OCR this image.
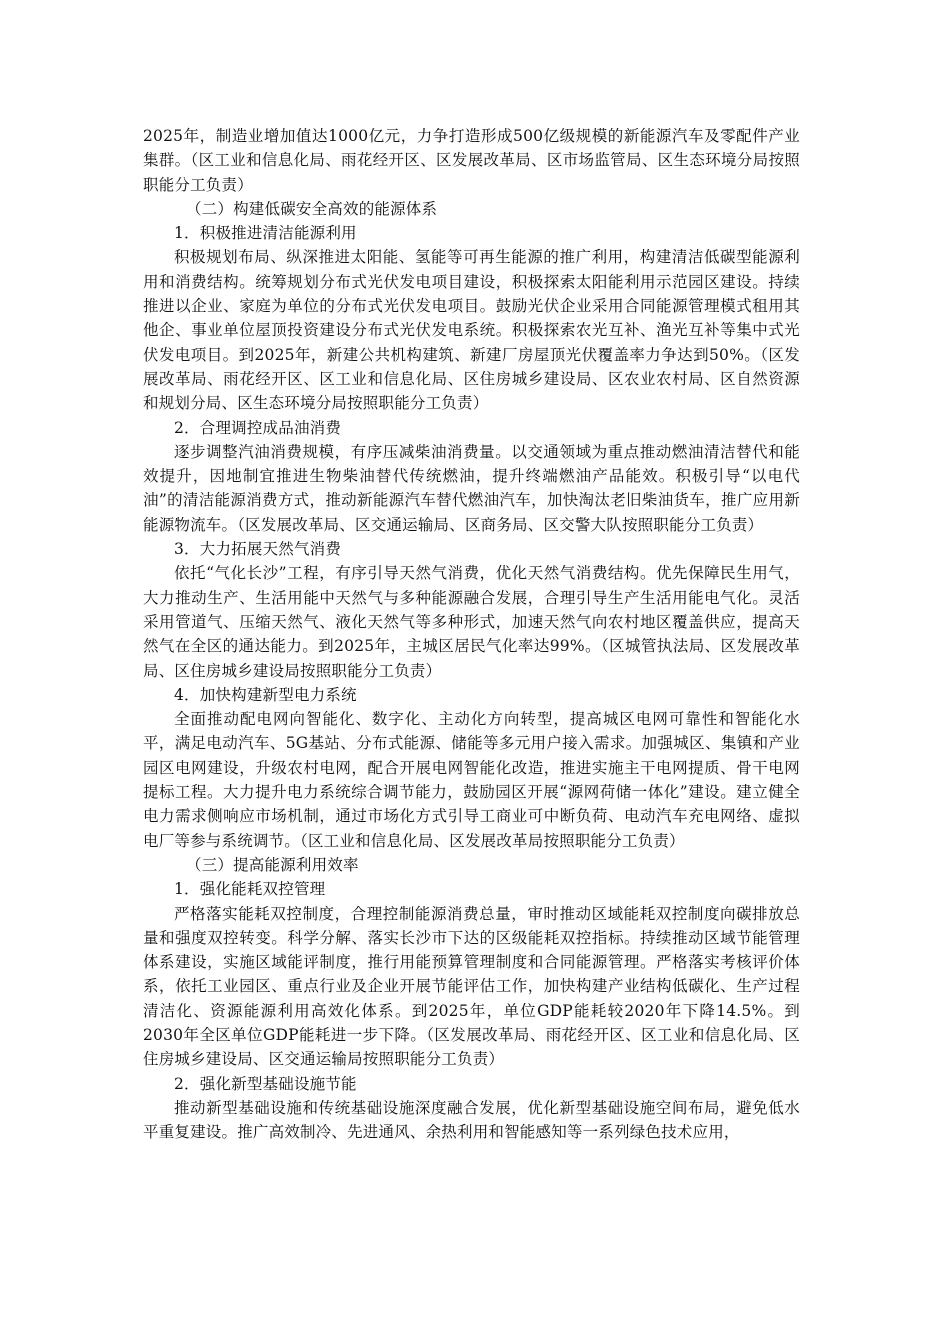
2025年，制造业增加值达1000亿元，力争打造形成500亿级规模的新能源汽车及零配件产业集群。（区工业和信息化局、雨花经开区、区发展改革局、区市场监管局、区生态环境分局按照职能分工负责）

（二）构建低碳安全高效的能源体系

1．积极推进清洁能源利用

积极规划布局、纵深推进太阳能、氢能等可再生能源的推广利用，构建清洁低碳型能源利用和消费结构。统筹规划分布式光伏发电项目建设，积极探索太阳能利用示范园区建设。持续推进以企业、家庭为单位的分布式光伏发电项目。鼓励光伏企业采用合同能源管理模式租用其他企、事业单位屋顶投资建设分布式光伏发电系统。积极探索农光互补、渔光互补等集中式光伏发电项目。到2025年，新建公共机构建筑、新建厂房屋顶光伏覆盖率力争达到50%。（区发展改革局、雨花经开区、区工业和信息化局、区住房城乡建设局、区农业农村局、区自然资源和规划分局、区生态环境分局按照职能分工负责）

2．合理调控成品油消费

逐步调整汽油消费规模，有序压减柴油消费量。以交通领域为重点推动燃油清洁替代和能效提升，因地制宜推进生物柴油替代传统燃油，提升终端燃油产品能效。积极引导“以电代油”的清洁能源消费方式，推动新能源汽车替代燃油汽车，加快淘汰老旧柴油货车，推广应用新能源物流车。（区发展改革局、区交通运输局、区商务局、区交警大队按照职能分工负责）

3．大力拓展天然气消费

依托“气化长沙”工程，有序引导天然气消费，优化天然气消费结构。优先保障民生用气，大力推动生产、生活用能中天然气与多种能源融合发展，合理引导生产生活用能电气化。灵活采用管道气、压缩天然气、液化天然气等多种形式，加速天然气向农村地区覆盖供应，提高天然气在全区的通达能力。到2025年，主城区居民气化率达99%。（区城管执法局、区发展改革局、区住房城乡建设局按照职能分工负责）

4．加快构建新型电力系统

全面推动配电网向智能化、数字化、主动化方向转型，提高城区电网可靠性和智能化水平，满足电动汽车、5G基站、分布式能源、储能等多元用户接入需求。加强城区、集镇和产业园区电网建设，升级农村电网，配合开展电网智能化改造，推进实施主干电网提质、骨干电网提标工程。大力提升电力系统综合调节能力，鼓励园区开展“源网荷储一体化”建设。建立健全电力需求侧响应市场机制，通过市场化方式引导工商业可中断负荷、电动汽车充电网络、虚拟电厂等参与系统调节。（区工业和信息化局、区发展改革局按照职能分工负责）

（三）提高能源利用效率

1．强化能耗双控管理

严格落实能耗双控制度，合理控制能源消费总量，审时推动区域能耗双控制度向碳排放总量和强度双控转变。科学分解、落实长沙市下达的区级能耗双控指标。持续推动区域节能管理体系建设，实施区域能评制度，推行用能预算管理制度和合同能源管理。严格落实考核评价体系，依托工业园区、重点行业及企业开展节能评估工作，加快构建产业结构低碳化、生产过程清洁化、资源能源利用高效化体系。到2025年，单位GDP能耗较2020年下降14.5%。到2030年全区单位GDP能耗进一步下降。（区发展改革局、雨花经开区、区工业和信息化局、区住房城乡建设局、区交通运输局按照职能分工负责）

2．强化新型基础设施节能

推动新型基础设施和传统基础设施深度融合发展，优化新型基础设施空间布局，避免低水平重复建设。推广高效制冷、先进通风、余热利用和智能感知等一系列绿色技术应用，
